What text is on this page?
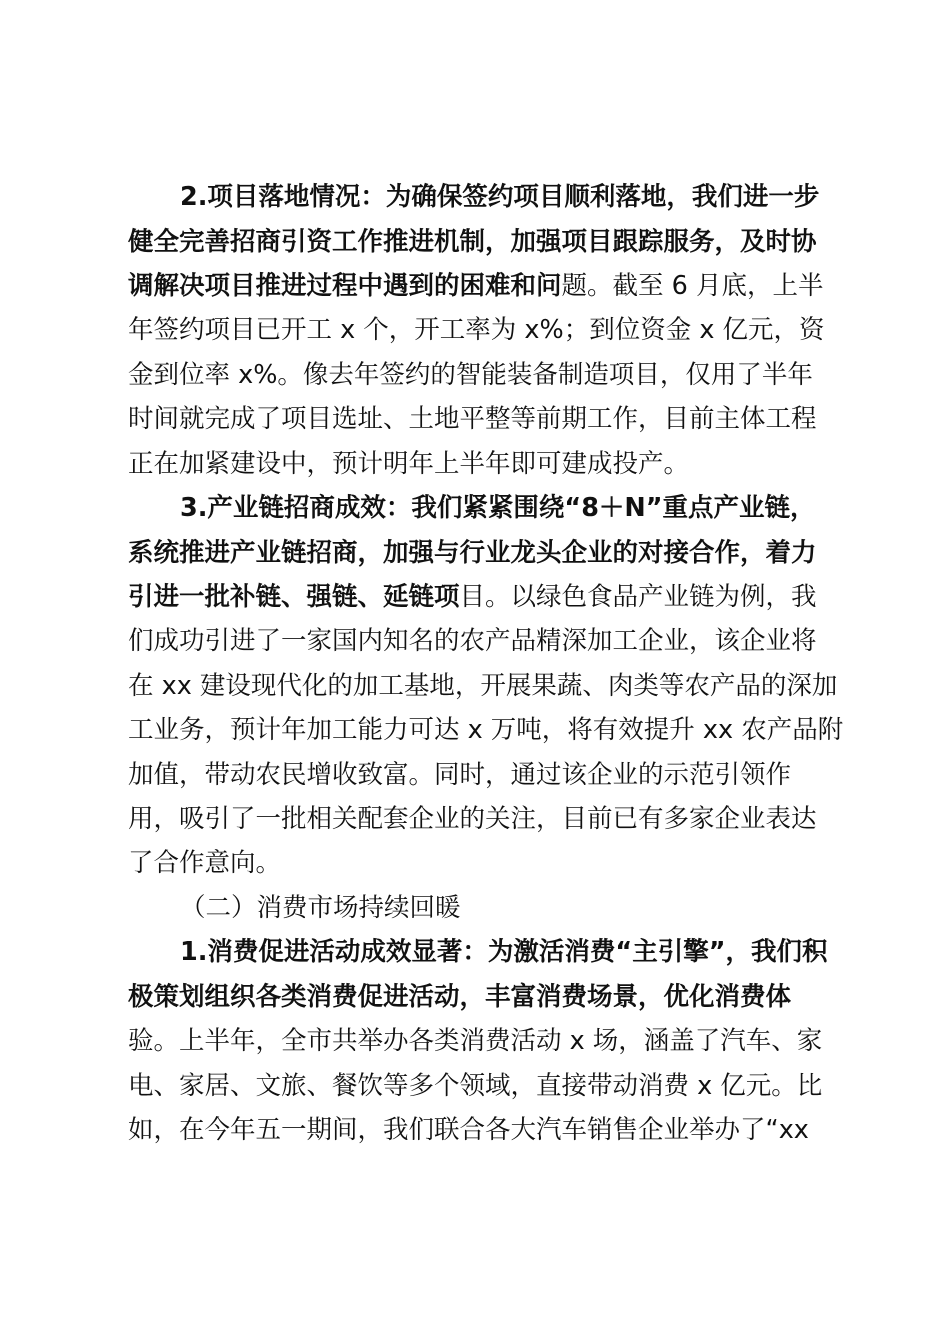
2.项目落地情况：为确保签约项目顺利落地，我们进一步
健全完善招商引资工作推进机制，加强项目跟踪服务，及时协
调解决项目推进过程中遇到的困难和问题。截至 6 月底，上半
年签约项目已开工 x 个，开工率为 x%；到位资金 x 亿元，资
金到位率 x%。像去年签约的智能装备制造项目，仅用了半年
时间就完成了项目选址、土地平整等前期工作，目前主体工程
正在加紧建设中，预计明年上半年即可建成投产。
3.产业链招商成效：我们紧紧围绕“8＋N”重点产业链，
系统推进产业链招商，加强与行业龙头企业的对接合作，着力
引进一批补链、强链、延链项目。以绿色食品产业链为例，我
们成功引进了一家国内知名的农产品精深加工企业，该企业将
在 xx 建设现代化的加工基地，开展果蔬、肉类等农产品的深加
工业务，预计年加工能力可达 x 万吨，将有效提升 xx 农产品附
加值，带动农民增收致富。同时，通过该企业的示范引领作
用，吸引了一批相关配套企业的关注，目前已有多家企业表达
了合作意向。
（二）消费市场持续回暖
1.消费促进活动成效显著：为激活消费“主引擎”，我们积
极策划组织各类消费促进活动，丰富消费场景，优化消费体
验。上半年，全市共举办各类消费活动 x 场，涵盖了汽车、家
电、家居、文旅、餐饮等多个领域，直接带动消费 x 亿元。比
如，在今年五一期间，我们联合各大汽车销售企业举办了“xx
